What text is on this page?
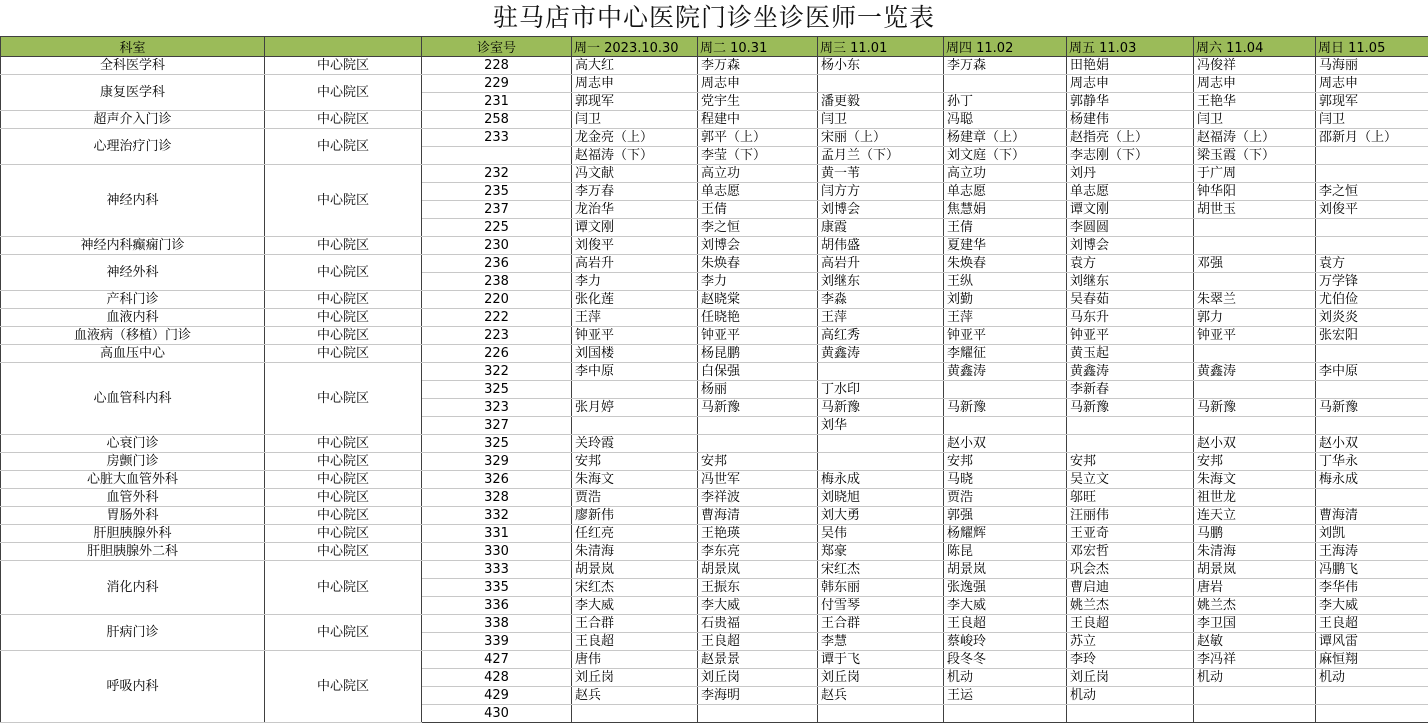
驻马店市中心医院门诊坐诊医师一览表
科室		诊室号	周一 2023.10.30	周二 10.31	周三 11.01	周四 11.02	周五 11.03	周六 11.04	周日 11.05
全科医学科	中心院区	228	高大红	李万森	杨小东	李万森	田艳娟	冯俊祥	马海丽
康复医学科	中心院区	229	周志申	周志申			周志申	周志申	周志申
		231	郭现军	党宇生	潘更毅	孙丁	郭静华	王艳华	郭现军
超声介入门诊	中心院区	258	闫卫	程建中	闫卫	冯聪	杨建伟	闫卫	闫卫
心理治疗门诊	中心院区	233	龙金亮（上）	郭平（上）	宋丽（上）	杨建章（上）	赵指亮（上）	赵福涛（上）	邵新月（上）
			赵福涛（下）	李莹（下）	孟月兰（下）	刘文庭（下）	李志刚（下）	梁玉霞（下）	
神经内科	中心院区	232	冯文献	高立功	黄一苇	高立功	刘丹	于广周	
		235	李万春	单志愿	闫方方	单志愿	单志愿	钟华阳	李之恒
		237	龙治华	王倩	刘博会	焦慧娟	谭文刚	胡世玉	刘俊平
		225	谭文刚	李之恒	康霞	王倩	李圆圆		
神经内科癫痫门诊	中心院区	230	刘俊平	刘博会	胡伟盛	夏建华	刘博会		
神经外科	中心院区	236	高岩升	朱焕春	高岩升	朱焕春	袁方	邓强	袁方
		238	李力	李力	刘继东	王纵	刘继东		万学锋
产科门诊	中心院区	220	张化莲	赵晓棠	李淼	刘勤	吴春茹	朱翠兰	尤伯俭
血液内科	中心院区	222	王萍	任晓艳	王萍	王萍	马东升	郭力	刘炎炎
血液病（移植）门诊	中心院区	223	钟亚平	钟亚平	高红秀	钟亚平	钟亚平	钟亚平	张宏阳
高血压中心	中心院区	226	刘国楼	杨昆鹏	黄鑫涛	李耀征	黄玉起		
心血管科内科	中心院区	322	李中原	白保强		黄鑫涛	黄鑫涛	黄鑫涛	李中原
		325		杨丽	丁水印		李新春		
		323	张月婷	马新豫	马新豫	马新豫	马新豫	马新豫	马新豫
		327			刘华				
心衰门诊	中心院区	325	关玲霞			赵小双		赵小双	赵小双
房颤门诊	中心院区	329	安邦	安邦		安邦	安邦	安邦	丁华永
心脏大血管外科	中心院区	326	朱海文	冯世军	梅永成	马晓	吴立文	朱海文	梅永成
血管外科	中心院区	328	贾浩	李祥波	刘晓旭	贾浩	邬旺	祖世龙	
胃肠外科	中心院区	332	廖新伟	曹海清	刘大勇	郭强	汪丽伟	连天立	曹海清
肝胆胰腺外科	中心院区	331	任红亮	王艳瑛	吴伟	杨耀辉	王亚奇	马鹏	刘凯
肝胆胰腺外二科	中心院区	330	朱清海	李东亮	郑豪	陈昆	邓宏哲	朱清海	王海涛
消化内科	中心院区	333	胡景岚	胡景岚	宋红杰	胡景岚	巩会杰	胡景岚	冯鹏飞
		335	宋红杰	王振东	韩东丽	张逸强	曹启迪	唐岩	李华伟
		336	李大威	李大威	付雪琴	李大威	姚兰杰	姚兰杰	李大威
肝病门诊	中心院区	338	王合群	石贵福	王合群	王良超	王良超	李卫国	王良超
		339	王良超	王良超	李慧	蔡峻玲	苏立	赵敏	谭风雷
呼吸内科	中心院区	427	唐伟	赵景景	谭于飞	段冬冬	李玲	李冯祥	麻恒翔
		428	刘丘岗	刘丘岗	刘丘岗	机动	刘丘岗	机动	机动
		429	赵兵	李海明	赵兵	王运	机动		
		430							
